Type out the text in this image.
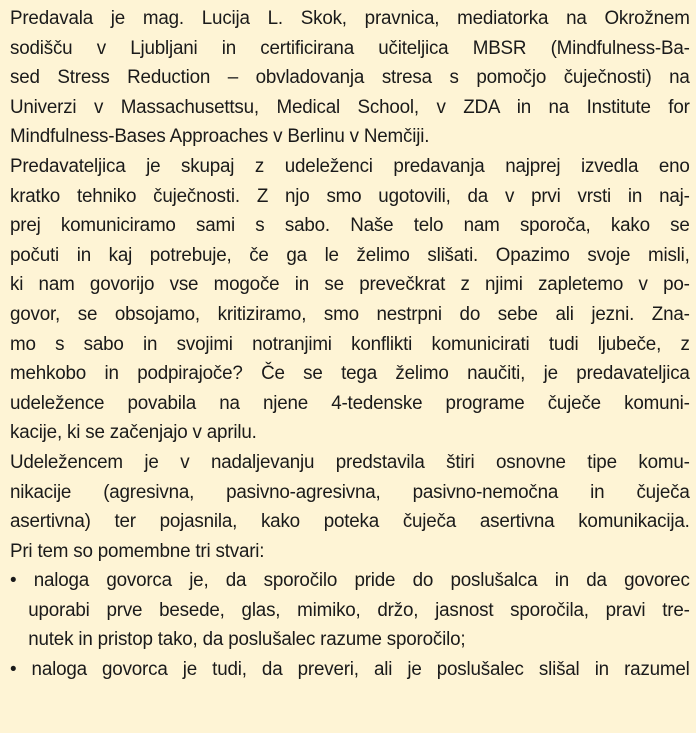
Predavala je mag. Lucija L. Skok, pravnica, mediatorka na Okrožnem
sodišču v Ljubljani in certificirana učiteljica MBSR (Mindfulness-Ba-
sed Stress Reduction – obvladovanja stresa s pomočjo čuječnosti) na
Univerzi v Massachusettsu, Medical School, v ZDA in na Institute for
Mindfulness-Bases Approaches v Berlinu v Nemčiji.
Predavateljica je skupaj z udeleženci predavanja najprej izvedla eno
kratko tehniko čuječnosti. Z njo smo ugotovili, da v prvi vrsti in naj-
prej komuniciramo sami s sabo. Naše telo nam sporoča, kako se
počuti in kaj potrebuje, če ga le želimo slišati. Opazimo svoje misli,
ki nam govorijo vse mogoče in se prevečkrat z njimi zapletemo v po-
govor, se obsojamo, kritiziramo, smo nestrpni do sebe ali jezni. Zna-
mo s sabo in svojimi notranjimi konflikti komunicirati tudi ljubeče, z
mehkobo in podpirajoče? Če se tega želimo naučiti, je predavateljica
udeležence povabila na njene 4-tedenske programe čuječe komuni-
kacije, ki se začenjajo v aprilu.
Udeležencem je v nadaljevanju predstavila štiri osnovne tipe komu-
nikacije (agresivna, pasivno-agresivna, pasivno-nemočna in čuječa
asertivna) ter pojasnila, kako poteka čuječa asertivna komunikacija.
Pri tem so pomembne tri stvari:
• naloga govorca je, da sporočilo pride do poslušalca in da govorec
uporabi prve besede, glas, mimiko, držo, jasnost sporočila, pravi tre-
nutek in pristop tako, da poslušalec razume sporočilo;
• naloga govorca je tudi, da preveri, ali je poslušalec slišal in razumel
